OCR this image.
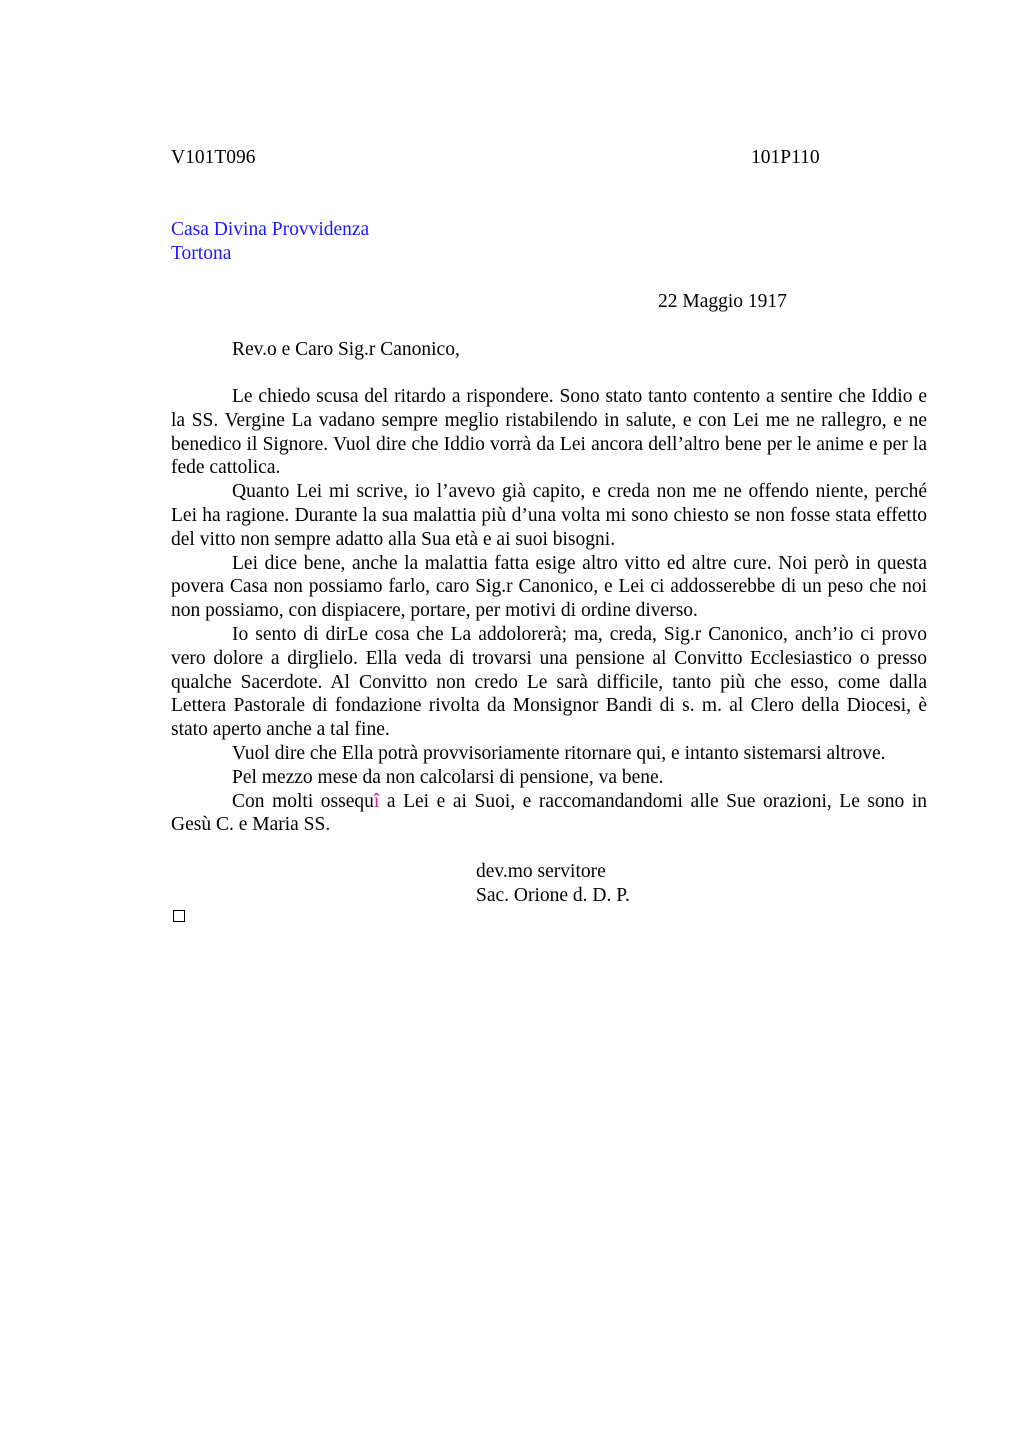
V101T096	101P110
Casa Divina Provvidenza
Tortona
22 Maggio 1917
Rev.o e Caro Sig.r Canonico,

Le chiedo scusa del ritardo a rispondere. Sono stato tanto contento a sentire che Iddio e la SS. Vergine La vadano sempre meglio ristabilendo in salute, e con Lei me ne rallegro, e ne benedico il Signore. Vuol dire che Iddio vorrà da Lei ancora dell’altro bene per le anime e per la fede cattolica.

Quanto Lei mi scrive, io l’avevo già capito, e creda non me ne offendo niente, perché Lei ha ragione. Durante la sua malattia più d’una volta mi sono chiesto se non fosse stata effetto del vitto non sempre adatto alla Sua età e ai suoi bisogni.

Lei dice bene, anche la malattia fatta esige altro vitto ed altre cure. Noi però in questa povera Casa non possiamo farlo, caro Sig.r Canonico, e Lei ci addosserebbe di un peso che noi non possiamo, con dispiacere, portare, per motivi di ordine diverso.

Io sento di dirLe cosa che La addolorerà; ma, creda, Sig.r Canonico, anch’io ci provo vero dolore a dirglielo. Ella veda di trovarsi una pensione al Convitto Ecclesiastico o presso qualche Sacerdote. Al Convitto non credo Le sarà difficile, tanto più che esso, come dalla Lettera Pastorale di fondazione rivolta da Monsignor Bandi di s. m. al Clero della Diocesi, è stato aperto anche a tal fine.

Vuol dire che Ella potrà provvisoriamente ritornare qui, e intanto sistemarsi altrove.

Pel mezzo mese da non calcolarsi di pensione, va bene.

Con molti ossequî a Lei e ai Suoi, e raccomandandomi alle Sue orazioni, Le sono in Gesù C. e Maria SS.

dev.mo servitore
Sac. Orione d. D. P.
